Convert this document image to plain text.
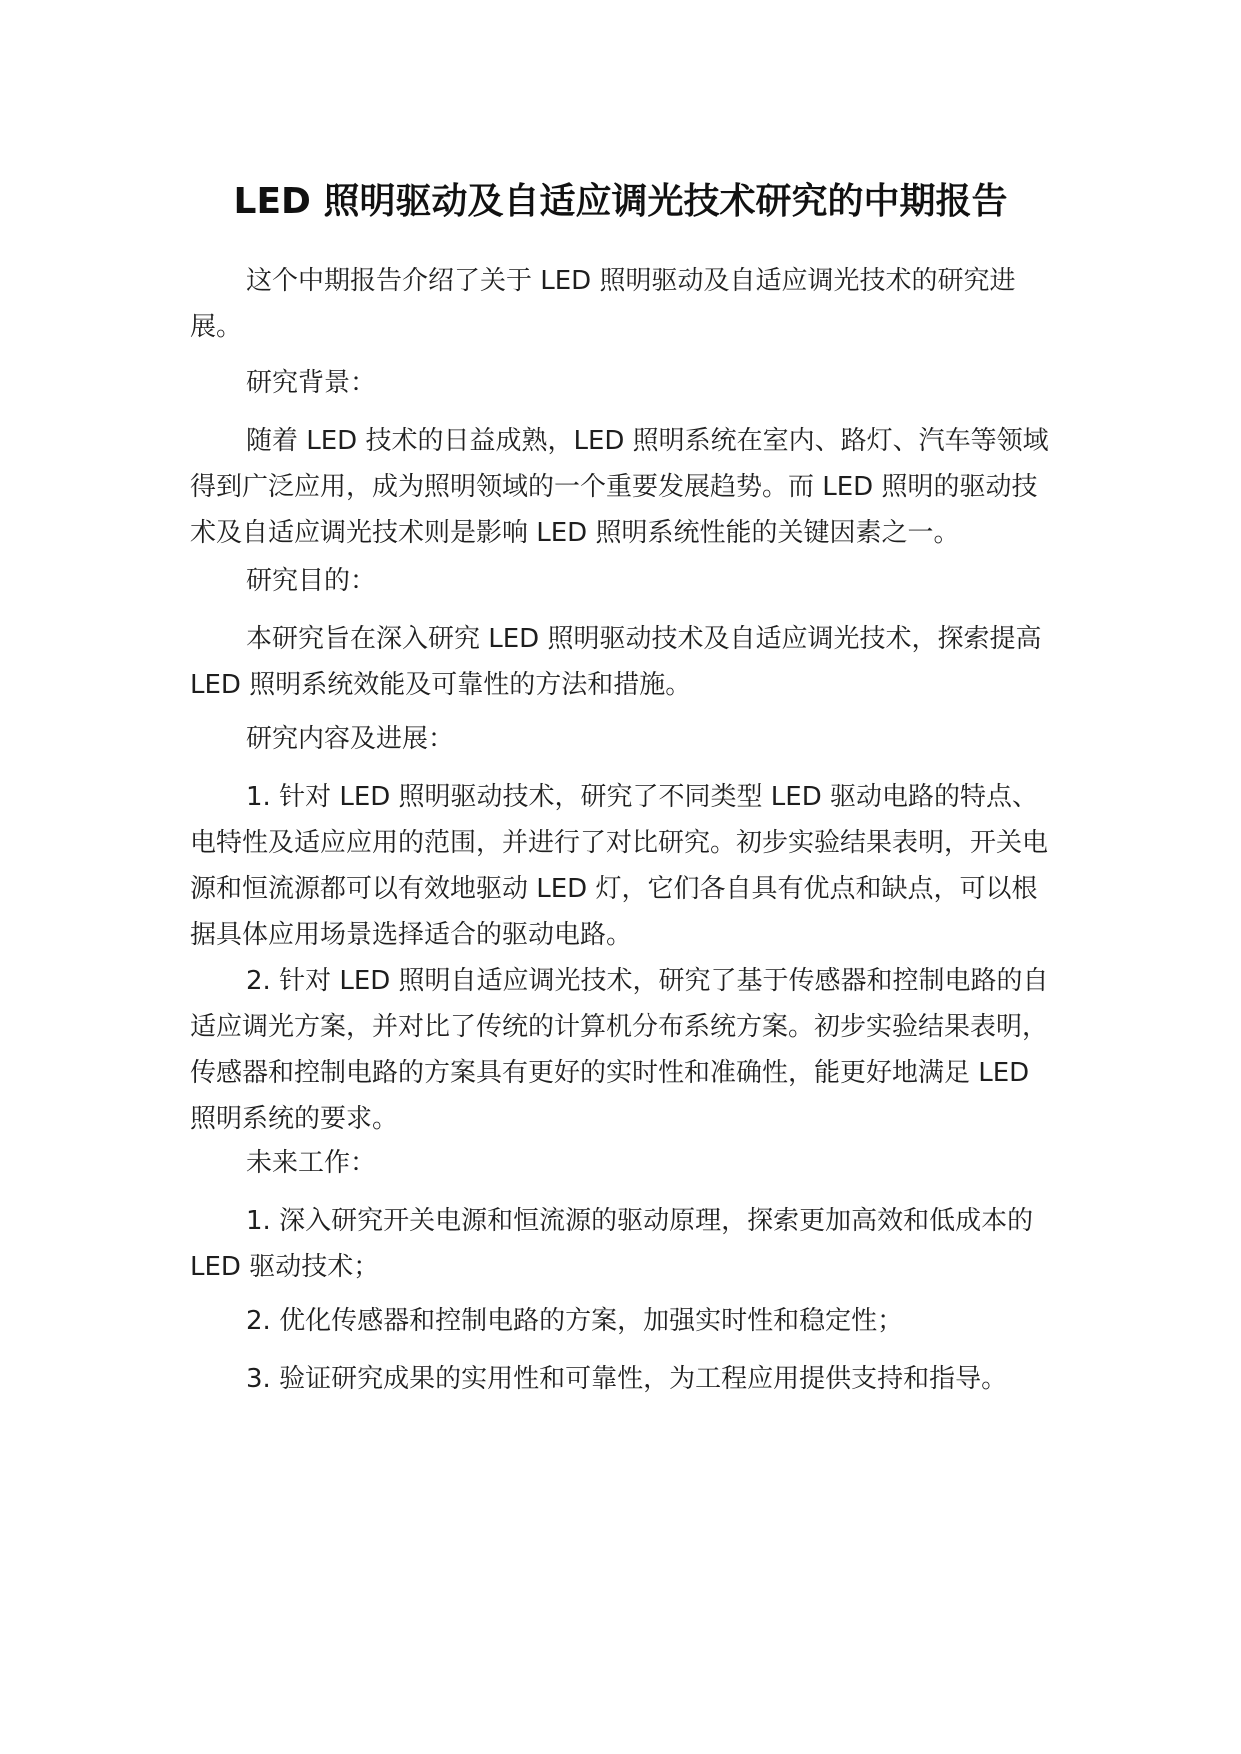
LED 照明驱动及自适应调光技术研究的中期报告

这个中期报告介绍了关于 LED 照明驱动及自适应调光技术的研究进展。

研究背景：

随着 LED 技术的日益成熟，LED 照明系统在室内、路灯、汽车等领域得到广泛应用，成为照明领域的一个重要发展趋势。而 LED 照明的驱动技术及自适应调光技术则是影响 LED 照明系统性能的关键因素之一。

研究目的：

本研究旨在深入研究 LED 照明驱动技术及自适应调光技术，探索提高 LED 照明系统效能及可靠性的方法和措施。

研究内容及进展：

1. 针对 LED 照明驱动技术，研究了不同类型 LED 驱动电路的特点、电特性及适应应用的范围，并进行了对比研究。初步实验结果表明，开关电源和恒流源都可以有效地驱动 LED 灯，它们各自具有优点和缺点，可以根据具体应用场景选择适合的驱动电路。

2. 针对 LED 照明自适应调光技术，研究了基于传感器和控制电路的自适应调光方案，并对比了传统的计算机分布系统方案。初步实验结果表明，传感器和控制电路的方案具有更好的实时性和准确性，能更好地满足 LED 照明系统的要求。

未来工作：

1. 深入研究开关电源和恒流源的驱动原理，探索更加高效和低成本的 LED 驱动技术；

2. 优化传感器和控制电路的方案，加强实时性和稳定性；

3. 验证研究成果的实用性和可靠性，为工程应用提供支持和指导。
